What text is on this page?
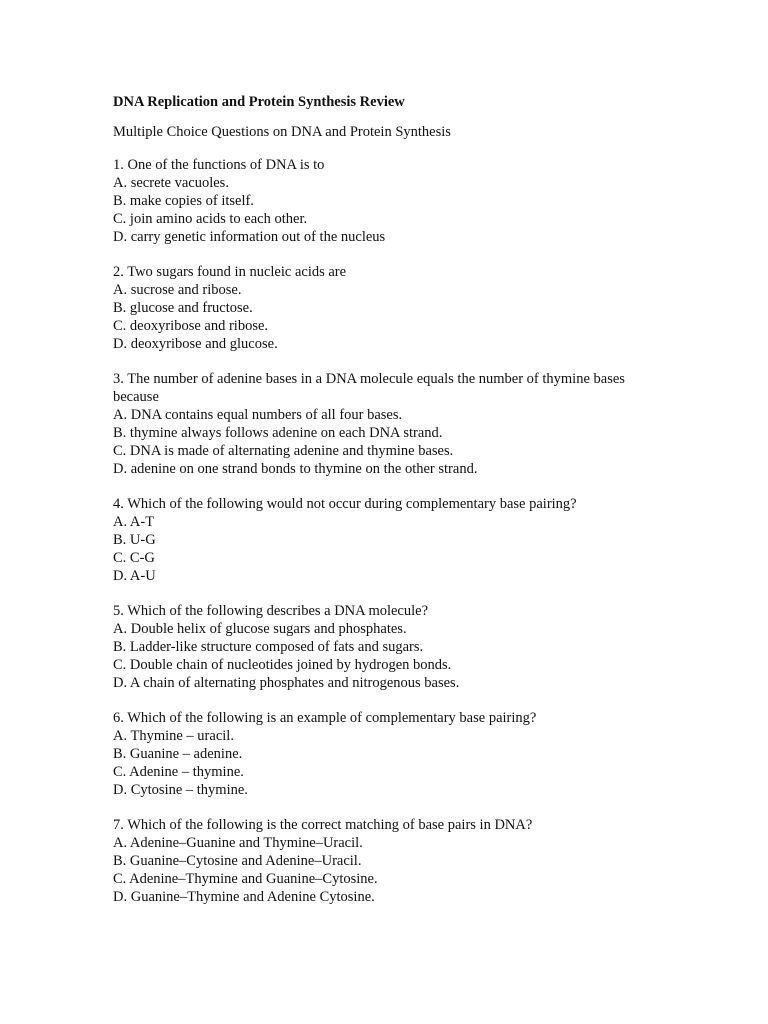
DNA Replication and Protein Synthesis Review

Multiple Choice Questions on DNA and Protein Synthesis

1. One of the functions of DNA is to
A. secrete vacuoles.
B. make copies of itself.
C. join amino acids to each other.
D. carry genetic information out of the nucleus
2. Two sugars found in nucleic acids are
A. sucrose and ribose.
B. glucose and fructose.
C. deoxyribose and ribose.
D. deoxyribose and glucose.
3. The number of adenine bases in a DNA molecule equals the number of thymine bases because
A. DNA contains equal numbers of all four bases.
B. thymine always follows adenine on each DNA strand.
C. DNA is made of alternating adenine and thymine bases.
D. adenine on one strand bonds to thymine on the other strand.
4. Which of the following would not occur during complementary base pairing?
A. A-T
B. U-G
C. C-G
D. A-U
5. Which of the following describes a DNA molecule?
A. Double helix of glucose sugars and phosphates.
B. Ladder-like structure composed of fats and sugars.
C. Double chain of nucleotides joined by hydrogen bonds.
D. A chain of alternating phosphates and nitrogenous bases.
6. Which of the following is an example of complementary base pairing?
A. Thymine – uracil.
B. Guanine – adenine.
C. Adenine – thymine.
D. Cytosine – thymine.
7. Which of the following is the correct matching of base pairs in DNA?
A. Adenine–Guanine and Thymine–Uracil.
B. Guanine–Cytosine and Adenine–Uracil.
C. Adenine–Thymine and Guanine–Cytosine.
D. Guanine–Thymine and Adenine Cytosine.
